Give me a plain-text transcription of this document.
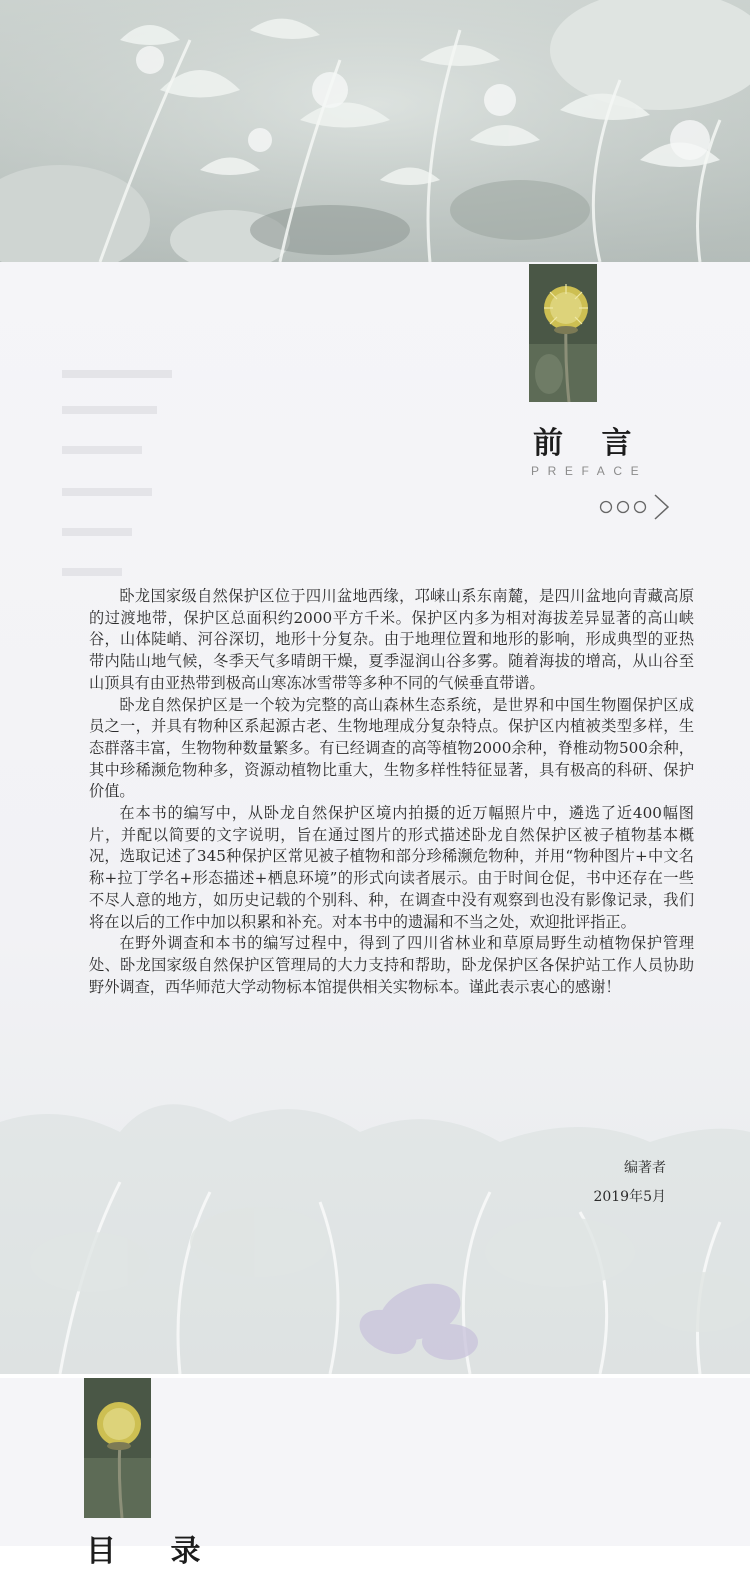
前 言
PREFACE

卧龙国家级自然保护区位于四川盆地西缘，邛崃山系东南麓，是四川盆地向青藏高原的过渡地带，保护区总面积约2000平方千米。保护区内多为相对海拔差异显著的高山峡谷，山体陡峭、河谷深切，地形十分复杂。由于地理位置和地形的影响，形成典型的亚热带内陆山地气候，冬季天气多晴朗干燥，夏季湿润山谷多雾。随着海拔的增高，从山谷至山顶具有由亚热带到极高山寒冻冰雪带等多种不同的气候垂直带谱。

卧龙自然保护区是一个较为完整的高山森林生态系统，是世界和中国生物圈保护区成员之一，并具有物种区系起源古老、生物地理成分复杂特点。保护区内植被类型多样，生态群落丰富，生物物种数量繁多。有已经调查的高等植物2000余种，脊椎动物500余种，其中珍稀濒危物种多，资源动植物比重大，生物多样性特征显著，具有极高的科研、保护价值。

在本书的编写中，从卧龙自然保护区境内拍摄的近万幅照片中，遴选了近400幅图片，并配以简要的文字说明，旨在通过图片的形式描述卧龙自然保护区被子植物基本概况，选取记述了345种保护区常见被子植物和部分珍稀濒危物种，并用“物种图片+中文名称+拉丁学名+形态描述+栖息环境”的形式向读者展示。由于时间仓促，书中还存在一些不尽人意的地方，如历史记载的个别科、种，在调查中没有观察到也没有影像记录，我们将在以后的工作中加以积累和补充。对本书中的遗漏和不当之处，欢迎批评指正。

在野外调查和本书的编写过程中，得到了四川省林业和草原局野生动植物保护管理处、卧龙国家级自然保护区管理局的大力支持和帮助，卧龙保护区各保护站工作人员协助野外调查，西华师范大学动物标本馆提供相关实物标本。谨此表示衷心的感谢！

编著者
2019年5月
目 录
